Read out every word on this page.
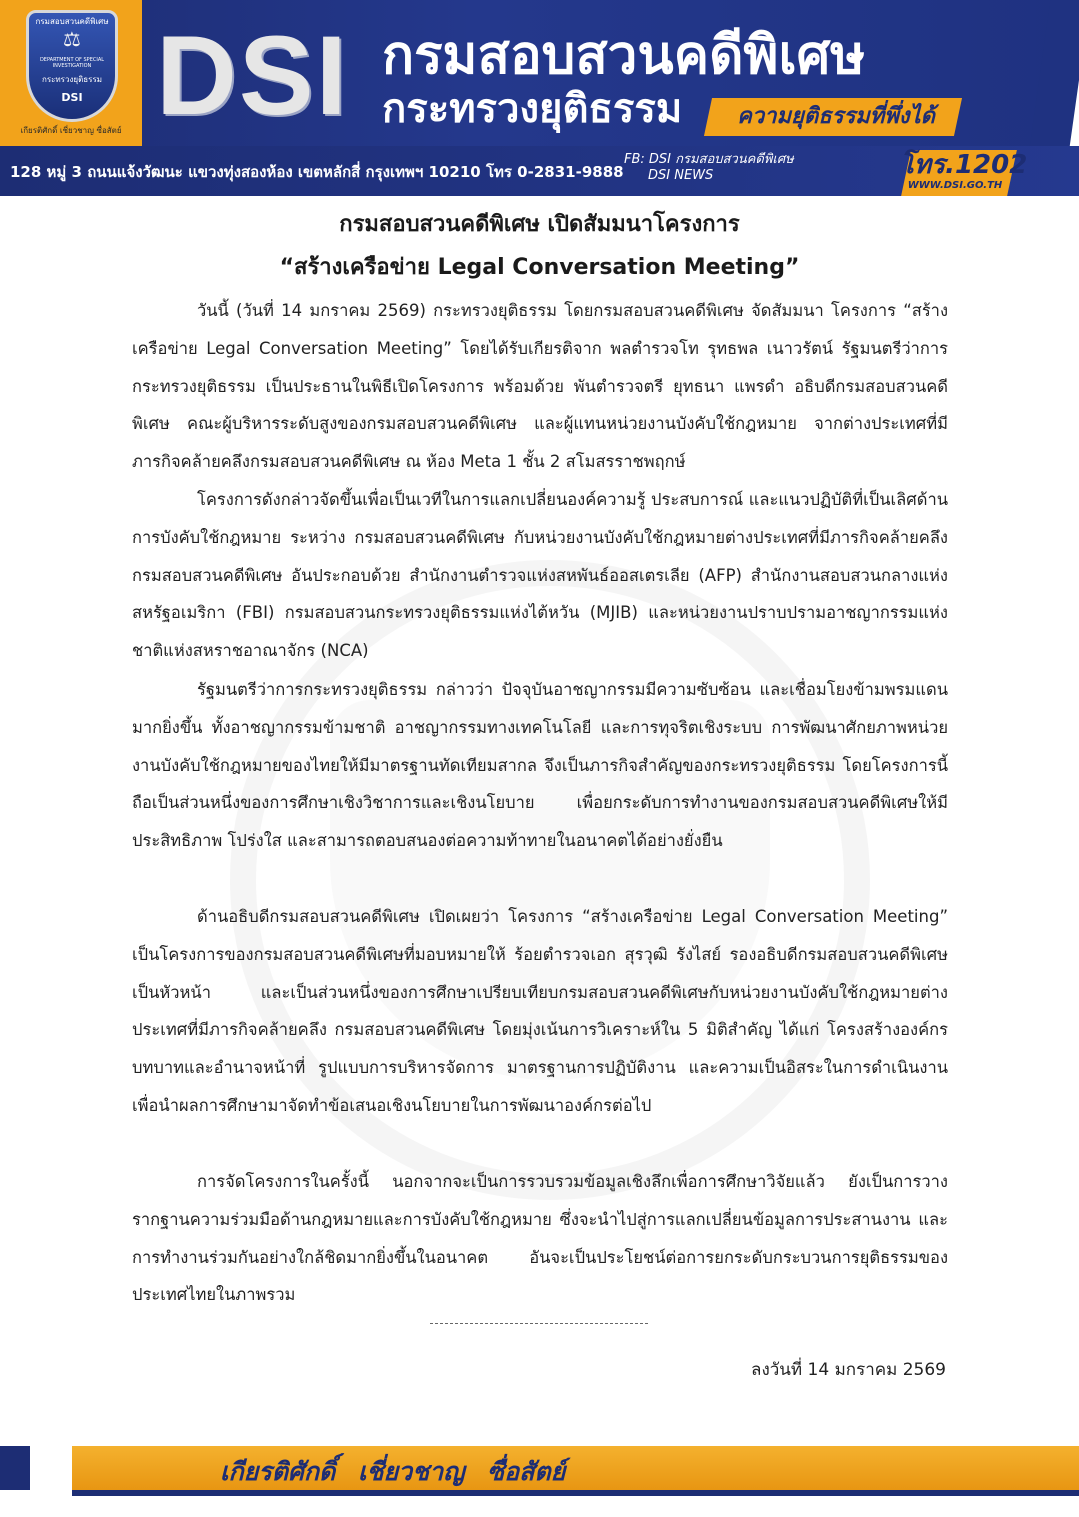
⚖
กรมสอบสวนคดีพิเศษ
DEPARTMENT OF SPECIAL INVESTIGATION
กระทรวงยุติธรรม
DSI
เกียรติศักดิ์ เชี่ยวชาญ ซื่อสัตย์ DSI กรมสอบสวนคดีพิเศษ
กระทรวงยุติธรรม	ความยุติธรรมที่พึ่งได้
128 หมู่ 3 ถนนแจ้งวัฒนะ แขวงทุ่งสองห้อง เขตหลักสี่ กรุงเทพฯ 10210 โทร 0-2831-9888
FB: DSI กรมสอบสวนคดีพิเศษ
DSI NEWS	โทร.1202
WWW.DSI.GO.TH
กรมสอบสวนคดีพิเศษ เปิดสัมมนาโครงการ
“สร้างเครือข่าย Legal Conversation Meeting”

วันนี้ (วันที่ 14 มกราคม 2569) กระทรวงยุติธรรม โดยกรมสอบสวนคดีพิเศษ จัดสัมมนา โครงการ “สร้างเครือข่าย Legal Conversation Meeting” โดยได้รับเกียรติจาก พลตำรวจโท รุทธพล เนาวรัตน์ รัฐมนตรีว่าการกระทรวงยุติธรรม เป็นประธานในพิธีเปิดโครงการ พร้อมด้วย พันตำรวจตรี ยุทธนา แพรดำ อธิบดีกรมสอบสวนคดีพิเศษ คณะผู้บริหารระดับสูงของกรมสอบสวนคดีพิเศษ และผู้แทนหน่วยงานบังคับใช้กฎหมาย จากต่างประเทศที่มีภารกิจคล้ายคลึงกรมสอบสวนคดีพิเศษ ณ ห้อง Meta 1 ชั้น 2 สโมสรราชพฤกษ์

โครงการดังกล่าวจัดขึ้นเพื่อเป็นเวทีในการแลกเปลี่ยนองค์ความรู้ ประสบการณ์ และแนวปฏิบัติที่เป็นเลิศด้านการบังคับใช้กฎหมาย ระหว่าง กรมสอบสวนคดีพิเศษ กับหน่วยงานบังคับใช้กฎหมายต่างประเทศที่มีภารกิจคล้ายคลึง กรมสอบสวนคดีพิเศษ อันประกอบด้วย สำนักงานตำรวจแห่งสหพันธ์ออสเตรเลีย (AFP) สำนักงานสอบสวนกลางแห่งสหรัฐอเมริกา (FBI) กรมสอบสวนกระทรวงยุติธรรมแห่งไต้หวัน (MJIB) และหน่วยงานปราบปรามอาชญากรรมแห่งชาติแห่งสหราชอาณาจักร (NCA)

รัฐมนตรีว่าการกระทรวงยุติธรรม กล่าวว่า ปัจจุบันอาชญากรรมมีความซับซ้อน และเชื่อมโยงข้ามพรมแดนมากยิ่งขึ้น ทั้งอาชญากรรมข้ามชาติ อาชญากรรมทางเทคโนโลยี และการทุจริตเชิงระบบ การพัฒนาศักยภาพหน่วยงานบังคับใช้กฎหมายของไทยให้มีมาตรฐานทัดเทียมสากล จึงเป็นภารกิจสำคัญของกระทรวงยุติธรรม โดยโครงการนี้ถือเป็นส่วนหนึ่งของการศึกษาเชิงวิชาการและเชิงนโยบาย เพื่อยกระดับการทำงานของกรมสอบสวนคดีพิเศษให้มีประสิทธิภาพ โปร่งใส และสามารถตอบสนองต่อความท้าทายในอนาคตได้อย่างยั่งยืน

ด้านอธิบดีกรมสอบสวนคดีพิเศษ เปิดเผยว่า โครงการ “สร้างเครือข่าย Legal Conversation Meeting” เป็นโครงการของกรมสอบสวนคดีพิเศษที่มอบหมายให้ ร้อยตำรวจเอก สุรวุฒิ รังไสย์ รองอธิบดีกรมสอบสวนคดีพิเศษ เป็นหัวหน้า และเป็นส่วนหนึ่งของการศึกษาเปรียบเทียบกรมสอบสวนคดีพิเศษกับหน่วยงานบังคับใช้กฎหมายต่างประเทศที่มีภารกิจคล้ายคลึง กรมสอบสวนคดีพิเศษ โดยมุ่งเน้นการวิเคราะห์ใน 5 มิติสำคัญ ได้แก่ โครงสร้างองค์กร บทบาทและอำนาจหน้าที่ รูปแบบการบริหารจัดการ มาตรฐานการปฏิบัติงาน และความเป็นอิสระในการดำเนินงาน เพื่อนำผลการศึกษามาจัดทำข้อเสนอเชิงนโยบายในการพัฒนาองค์กรต่อไป

การจัดโครงการในครั้งนี้ นอกจากจะเป็นการรวบรวมข้อมูลเชิงลึกเพื่อการศึกษาวิจัยแล้ว ยังเป็นการวางรากฐานความร่วมมือด้านกฎหมายและการบังคับใช้กฎหมาย ซึ่งจะนำไปสู่การแลกเปลี่ยนข้อมูลการประสานงาน และการทำงานร่วมกันอย่างใกล้ชิดมากยิ่งขึ้นในอนาคต อันจะเป็นประโยชน์ต่อการยกระดับกระบวนการยุติธรรมของประเทศไทยในภาพรวม

ลงวันที่ 14 มกราคม 2569
เกียรติศักดิ์ เชี่ยวชาญ ซื่อสัตย์
